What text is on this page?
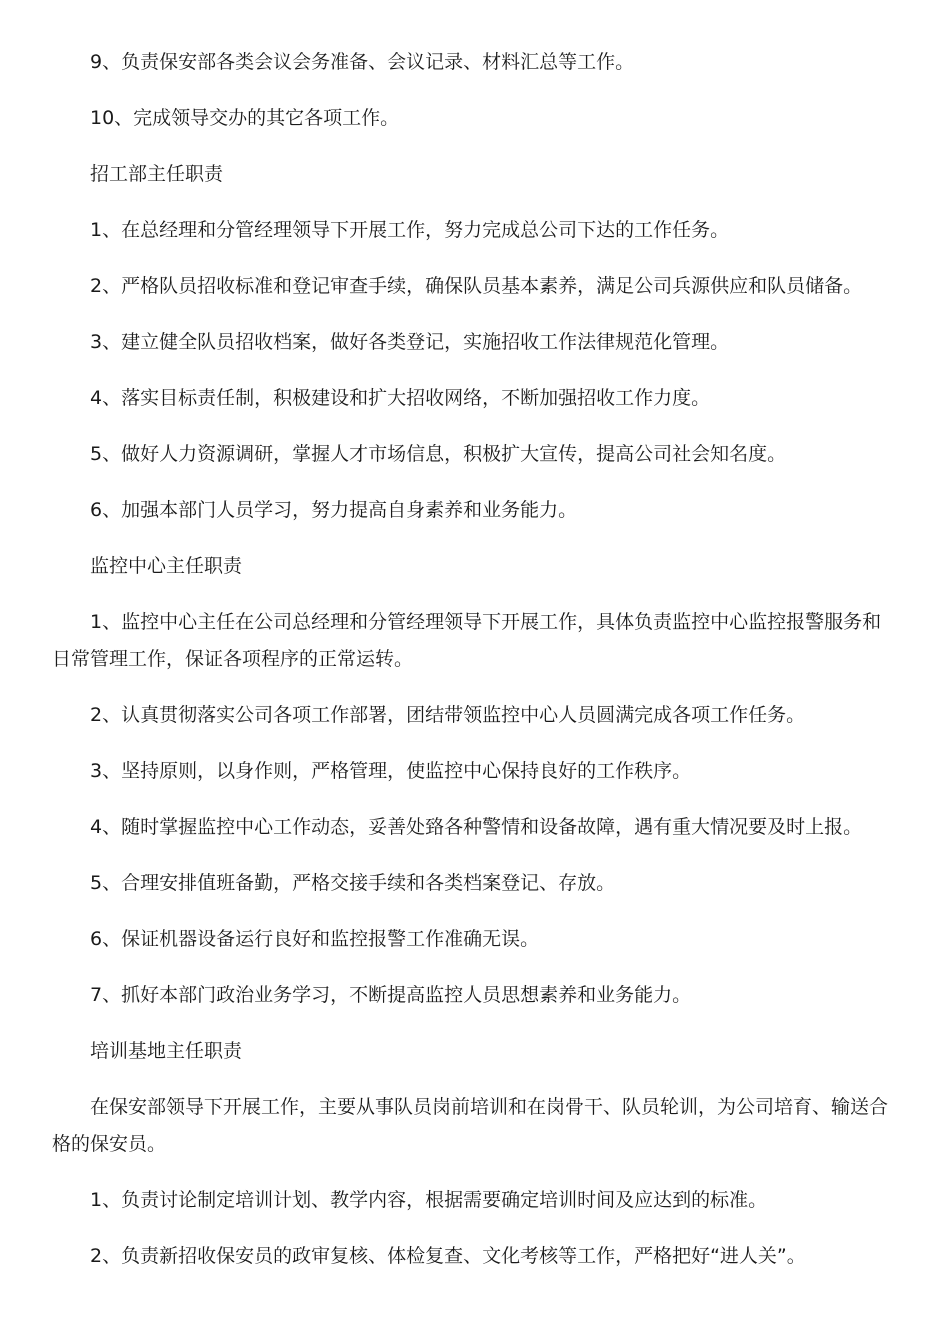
9、负责保安部各类会议会务准备、会议记录、材料汇总等工作。

10、完成领导交办的其它各项工作。

招工部主任职责

1、在总经理和分管经理领导下开展工作，努力完成总公司下达的工作任务。

2、严格队员招收标准和登记审查手续，确保队员基本素养，满足公司兵源供应和队员储备。

3、建立健全队员招收档案，做好各类登记，实施招收工作法律规范化管理。

4、落实目标责任制，积极建设和扩大招收网络，不断加强招收工作力度。

5、做好人力资源调研，掌握人才市场信息，积极扩大宣传，提高公司社会知名度。

6、加强本部门人员学习，努力提高自身素养和业务能力。

监控中心主任职责

1、监控中心主任在公司总经理和分管经理领导下开展工作，具体负责监控中心监控报警服务和日常管理工作，保证各项程序的正常运转。

2、认真贯彻落实公司各项工作部署，团结带领监控中心人员圆满完成各项工作任务。

3、坚持原则，以身作则，严格管理，使监控中心保持良好的工作秩序。

4、随时掌握监控中心工作动态，妥善处臵各种警情和设备故障，遇有重大情况要及时上报。

5、合理安排值班备勤，严格交接手续和各类档案登记、存放。

6、保证机器设备运行良好和监控报警工作准确无误。

7、抓好本部门政治业务学习，不断提高监控人员思想素养和业务能力。

培训基地主任职责

在保安部领导下开展工作，主要从事队员岗前培训和在岗骨干、队员轮训，为公司培育、输送合格的保安员。

1、负责讨论制定培训计划、教学内容，根据需要确定培训时间及应达到的标准。

2、负责新招收保安员的政审复核、体检复查、文化考核等工作，严格把好“进人关”。
